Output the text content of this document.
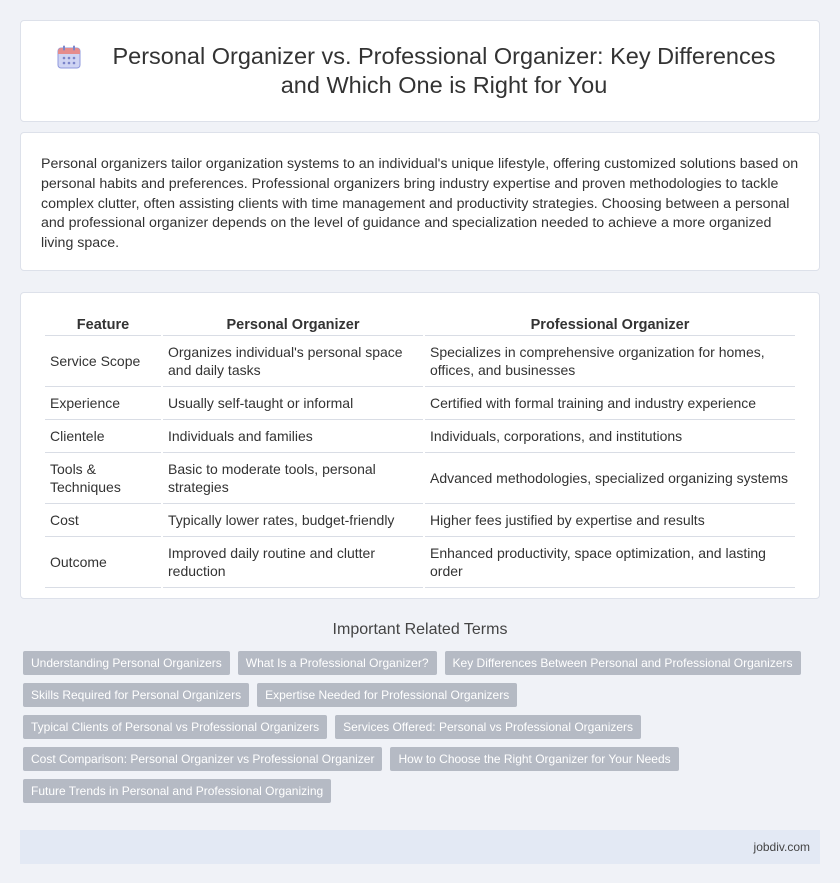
Personal Organizer vs. Professional Organizer: Key Differences and Which One is Right for You

Personal organizers tailor organization systems to an individual's unique lifestyle, offering customized solutions based on personal habits and preferences. Professional organizers bring industry expertise and proven methodologies to tackle complex clutter, often assisting clients with time management and productivity strategies. Choosing between a personal and professional organizer depends on the level of guidance and specialization needed to achieve a more organized living space.

Feature	Personal Organizer	Professional Organizer
Service Scope	Organizes individual's personal space and daily tasks	Specializes in comprehensive organization for homes, offices, and businesses
Experience	Usually self-taught or informal	Certified with formal training and industry experience
Clientele	Individuals and families	Individuals, corporations, and institutions
Tools & Techniques	Basic to moderate tools, personal strategies	Advanced methodologies, specialized organizing systems
Cost	Typically lower rates, budget-friendly	Higher fees justified by expertise and results
Outcome	Improved daily routine and clutter reduction	Enhanced productivity, space optimization, and lasting order
Important Related Terms
Understanding Personal Organizers	What Is a Professional Organizer?	Key Differences Between Personal and Professional Organizers
Skills Required for Personal Organizers	Expertise Needed for Professional Organizers
Typical Clients of Personal vs Professional Organizers	Services Offered: Personal vs Professional Organizers
Cost Comparison: Personal Organizer vs Professional Organizer	How to Choose the Right Organizer for Your Needs
Future Trends in Personal and Professional Organizing
jobdiv.com
